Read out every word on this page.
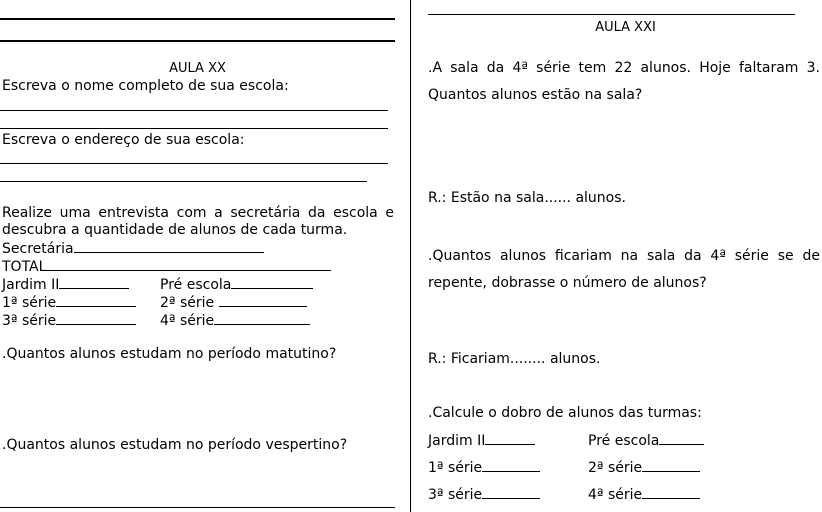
AULA XX
Escreva o nome completo de sua escola:
Escreva o endereço de sua escola:
Realize uma entrevista com a secretária da escola e descubra a quantidade de alunos de cada turma.
Secretária
TOTAL
Jardim II	Pré escola
1ª série	2ª série
3ª série	4ª série
.Quantos alunos estudam no período matutino?
.Quantos alunos estudam no período vespertino?
AULA XXI
.A sala da 4ª série tem 22 alunos. Hoje faltaram 3. Quantos alunos estão na sala?
R.: Estão na sala...... alunos.
.Quantos alunos ficariam na sala da 4ª série se de repente, dobrasse o número de alunos?
R.: Ficariam........ alunos.
.Calcule o dobro de alunos das turmas:
Jardim II	Pré escola
1ª série	2ª série
3ª série	4ª série
